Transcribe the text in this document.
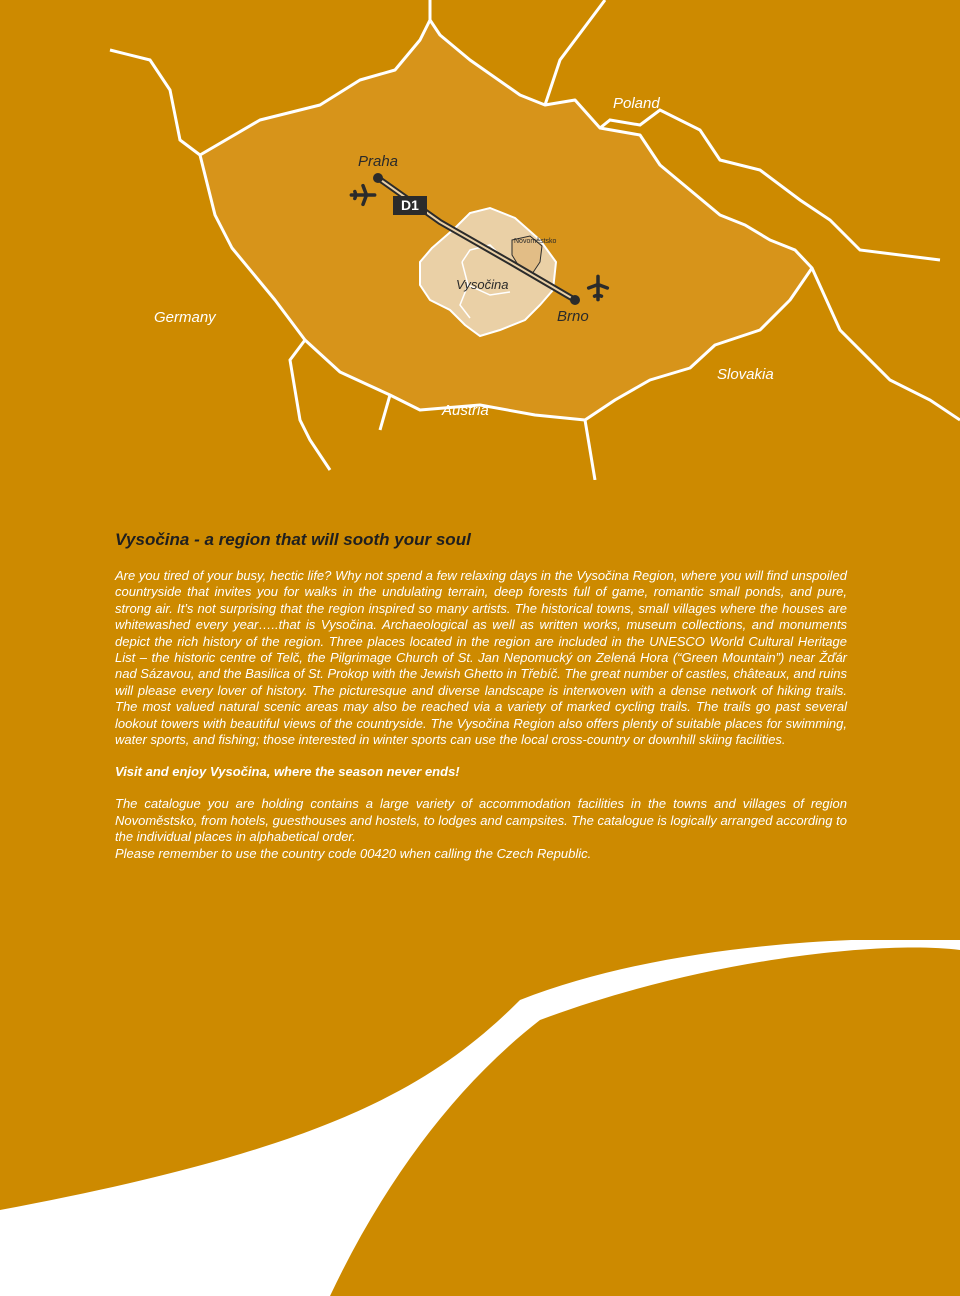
Poland
Germany
Slovakia
Austria
Praha
Brno
Vysočina
Novoměstsko
D1
Vysočina - a region that will sooth your soul

Are you tired of your busy, hectic life? Why not spend a few relaxing days in the Vysočina Region, where you will find unspoiled countryside that invites you for walks in the undulating terrain, deep forests full of game, romantic small ponds, and pure, strong air. It’s not surprising that the region inspired so many artists. The historical towns, small villages where the houses are whitewashed every year…..that is Vysočina. Archaeological as well as written works, museum collections, and monuments depict the rich history of the region. Three places located in the region are included in the UNESCO World Cultural Heritage List – the historic centre of Telč, the Pilgrimage Church of St. Jan Nepomucký on Zelená Hora (“Green Mountain”) near Žďár nad Sázavou, and the Basilica of St. Prokop with the Jewish Ghetto in Třebíč. The great number of castles, châteaux, and ruins will please every lover of history. The picturesque and diverse landscape is interwoven with a dense network of hiking trails. The most valued natural scenic areas may also be reached via a variety of marked cycling trails. The trails go past several lookout towers with beautiful views of the countryside. The Vysočina Region also offers plenty of suitable places for swimming, water sports, and fishing; those interested in winter sports can use the local cross-country or downhill skiing facilities.

Visit and enjoy Vysočina, where the season never ends!

The catalogue you are holding contains a large variety of accommodation facilities in the towns and villages of region Novoměstsko, from hotels, guesthouses and hostels, to lodges and campsites. The catalogue is logically arranged according to the individual places in alphabetical order.

Please remember to use the country code 00420 when calling the Czech Republic.
